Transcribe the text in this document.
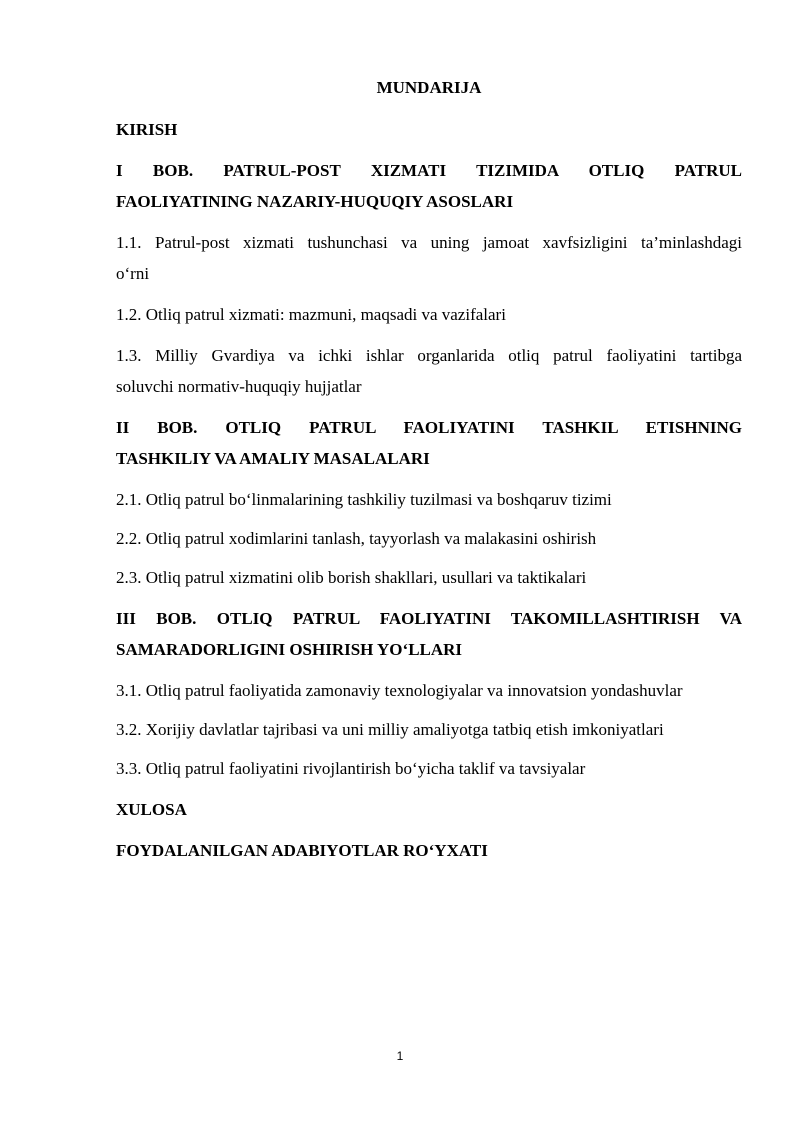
MUNDARIJA

KIRISH

I BOB. PATRUL-POST XIZMATI TIZIMIDA OTLIQ PATRUL

FAOLIYATINING NAZARIY-HUQUQIY ASOSLARI

1.1. Patrul-post xizmati tushunchasi va uning jamoat xavfsizligini ta’minlashdagi

o‘rni

1.2. Otliq patrul xizmati: mazmuni, maqsadi va vazifalari

1.3. Milliy Gvardiya va ichki ishlar organlarida otliq patrul faoliyatini tartibga

soluvchi normativ-huquqiy hujjatlar

II BOB. OTLIQ PATRUL FAOLIYATINI TASHKIL ETISHNING

TASHKILIY VA AMALIY MASALALARI

2.1. Otliq patrul bo‘linmalarining tashkiliy tuzilmasi va boshqaruv tizimi

2.2. Otliq patrul xodimlarini tanlash, tayyorlash va malakasini oshirish

2.3. Otliq patrul xizmatini olib borish shakllari, usullari va taktikalari

III BOB. OTLIQ PATRUL FAOLIYATINI TAKOMILLASHTIRISH VA

SAMARADORLIGINI OSHIRISH YO‘LLARI

3.1. Otliq patrul faoliyatida zamonaviy texnologiyalar va innovatsion yondashuvlar

3.2. Xorijiy davlatlar tajribasi va uni milliy amaliyotga tatbiq etish imkoniyatlari

3.3. Otliq patrul faoliyatini rivojlantirish bo‘yicha taklif va tavsiyalar

XULOSA

FOYDALANILGAN ADABIYOTLAR RO‘YXATI

1
